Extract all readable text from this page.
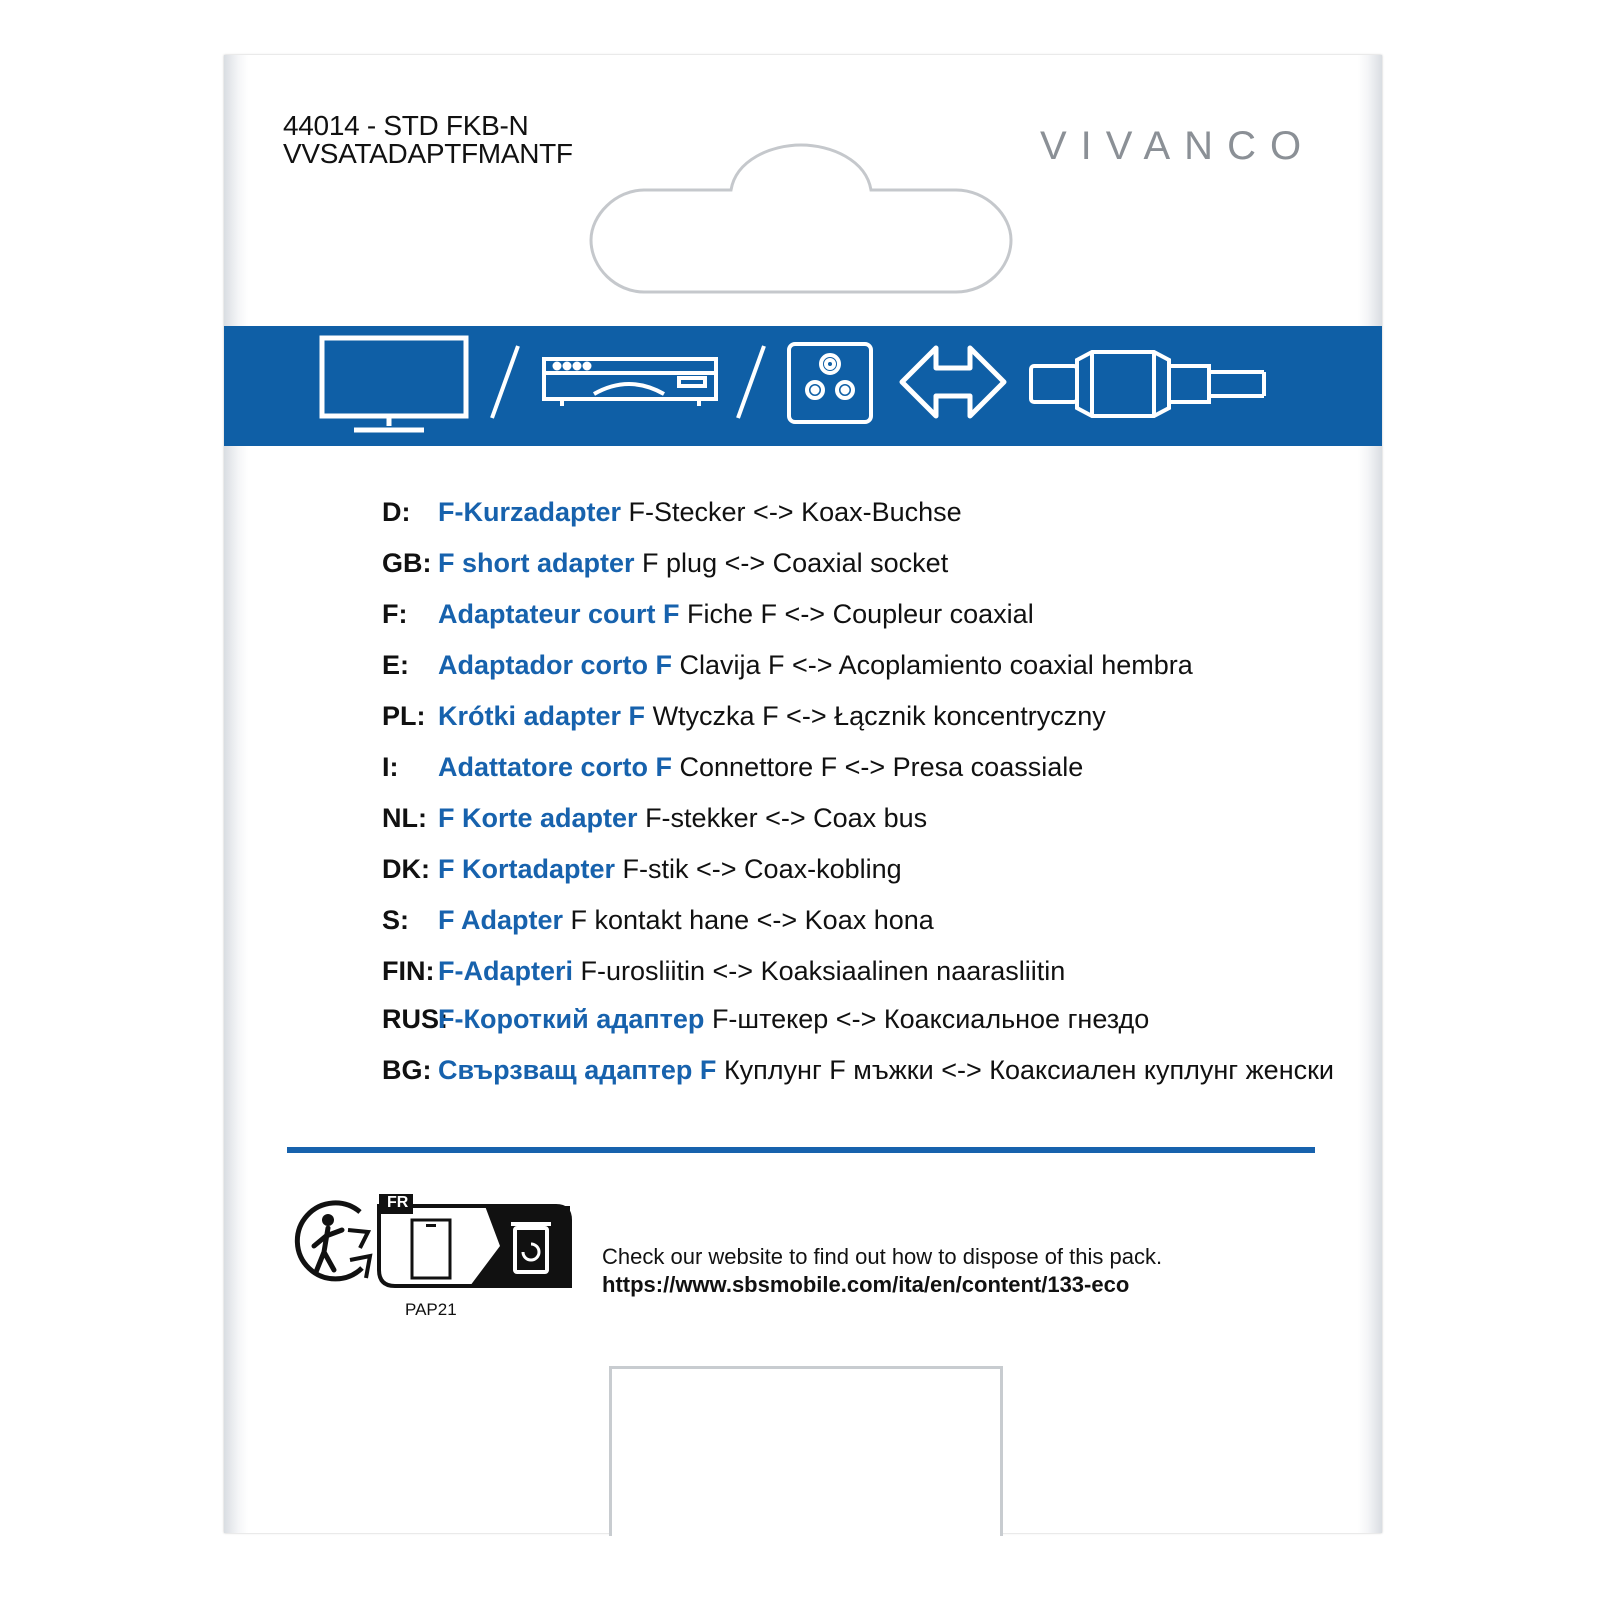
44014 - STD FKB-N
VVSATADAPTFMANTF	VIVANCO
D: F-Kurzadapter F-Stecker <-> Koax-Buchse
GB: F short adapter F plug <-> Coaxial socket
F: Adaptateur court F Fiche F <-> Coupleur coaxial
E: Adaptador corto F Clavija F <-> Acoplamiento coaxial hembra
PL: Krótki adapter F Wtyczka F <-> Łącznik koncentryczny
I: Adattatore corto F Connettore F <-> Presa coassiale
NL: F Korte adapter F-stekker <-> Coax bus
DK: F Kortadapter F-stik <-> Coax-kobling
S: F Adapter F kontakt hane <-> Koax hona
FIN: F-Adapteri F-urosliitin <-> Koaksiaalinen naarasliitin
RUS:
F-Короткий адаптер F-штекер <-> Коаксиальное гнездо
BG: Свързващ адаптер F Куплунг F мъжки <-> Коаксиален куплунг женски
FR
PAP21
Check our website to find out how to dispose of this pack.
https://www.sbsmobile.com/ita/en/content/133-eco
